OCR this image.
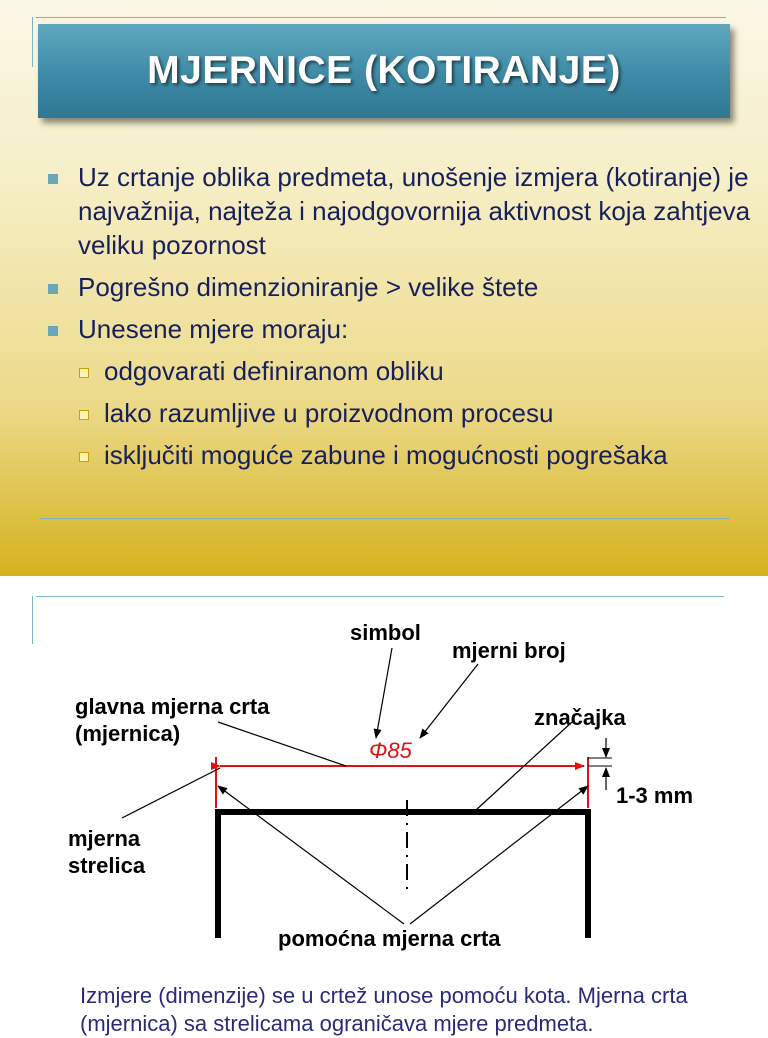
MJERNICE (KOTIRANJE)
Uz crtanje oblika predmeta, unošenje izmjera (kotiranje) je najvažnija, najteža i najodgovornija aktivnost koja zahtjeva veliku pozornost
Pogrešno dimenzioniranje > velike štete
Unesene mjere moraju:
odgovarati definiranom obliku
lako razumljive u proizvodnom procesu
isključiti moguće zabune i mogućnosti pogrešaka
simbol
mjerni broj
glavna mjerna crta
(mjernica)
značajka
1-3 mm
mjerna
strelica
pomoćna mjerna crta
Φ85
Izmjere (dimenzije) se u crtež unose pomoću kota. Mjerna crta (mjernica) sa strelicama ograničava mjere predmeta.
